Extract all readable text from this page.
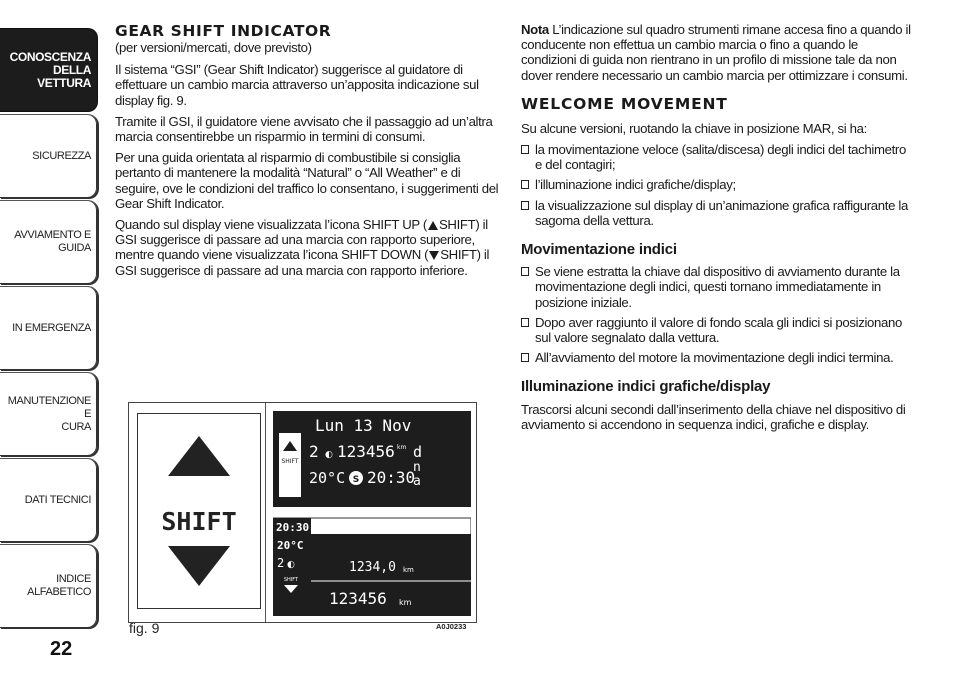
CONOSCENZA
DELLA VETTURA
SICUREZZA
AVVIAMENTO E
GUIDA
IN EMERGENZA
MANUTENZIONE E
CURA
DATI TECNICI
INDICE ALFABETICO
22
GEAR SHIFT INDICATOR

(per versioni/mercati, dove previsto)

Il sistema “GSI” (Gear Shift Indicator) suggerisce al guidatore di effettuare un cambio marcia attraverso un’apposita indicazione sul display fig. 9.

Tramite il GSI, il guidatore viene avvisato che il passaggio ad un’altra marcia consentirebbe un risparmio in termini di consumi.

Per una guida orientata al risparmio di combustibile si consiglia pertanto di mantenere la modalità “Natural” o “All Weather” e di seguire, ove le condizioni del traffico lo consentano, i suggerimenti del Gear Shift Indicator.

Quando sul display viene visualizzata l’icona SHIFT UP ( SHIFT) il GSI suggerisce di passare ad una marcia con rapporto superiore, mentre quando viene visualizzata l’icona SHIFT DOWN ( SHIFT) il GSI suggerisce di passare ad una marcia con rapporto inferiore.

SHIFT
SHIFT
Lun 13 Nov
2 ◐ 123456 km d
n
a
20°C S 20:30
20:30
20°C
2 ◐
SHIFT
1234,0 km
123456 km
fig. 9	A0J0233

Nota L’indicazione sul quadro strumenti rimane accesa fino a quando il conducente non effettua un cambio marcia o fino a quando le condizioni di guida non rientrano in un profilo di missione tale da non dover rendere necessario un cambio marcia per ottimizzare i consumi.

WELCOME MOVEMENT

Su alcune versioni, ruotando la chiave in posizione MAR, si ha:

la movimentazione veloce (salita/discesa) degli indici del tachimetro e del contagiri;
l’illuminazione indici grafiche/display;
la visualizzazione sul display di un’animazione grafica raffigurante la sagoma della vettura.
Movimentazione indici
Se viene estratta la chiave dal dispositivo di avviamento durante la movimentazione degli indici, questi tornano immediatamente in posizione iniziale.
Dopo aver raggiunto il valore di fondo scala gli indici si posizionano sul valore segnalato dalla vettura.
All’avviamento del motore la movimentazione degli indici termina.
Illuminazione indici grafiche/display

Trascorsi alcuni secondi dall’inserimento della chiave nel dispositivo di avviamento si accendono in sequenza indici, grafiche e display.
